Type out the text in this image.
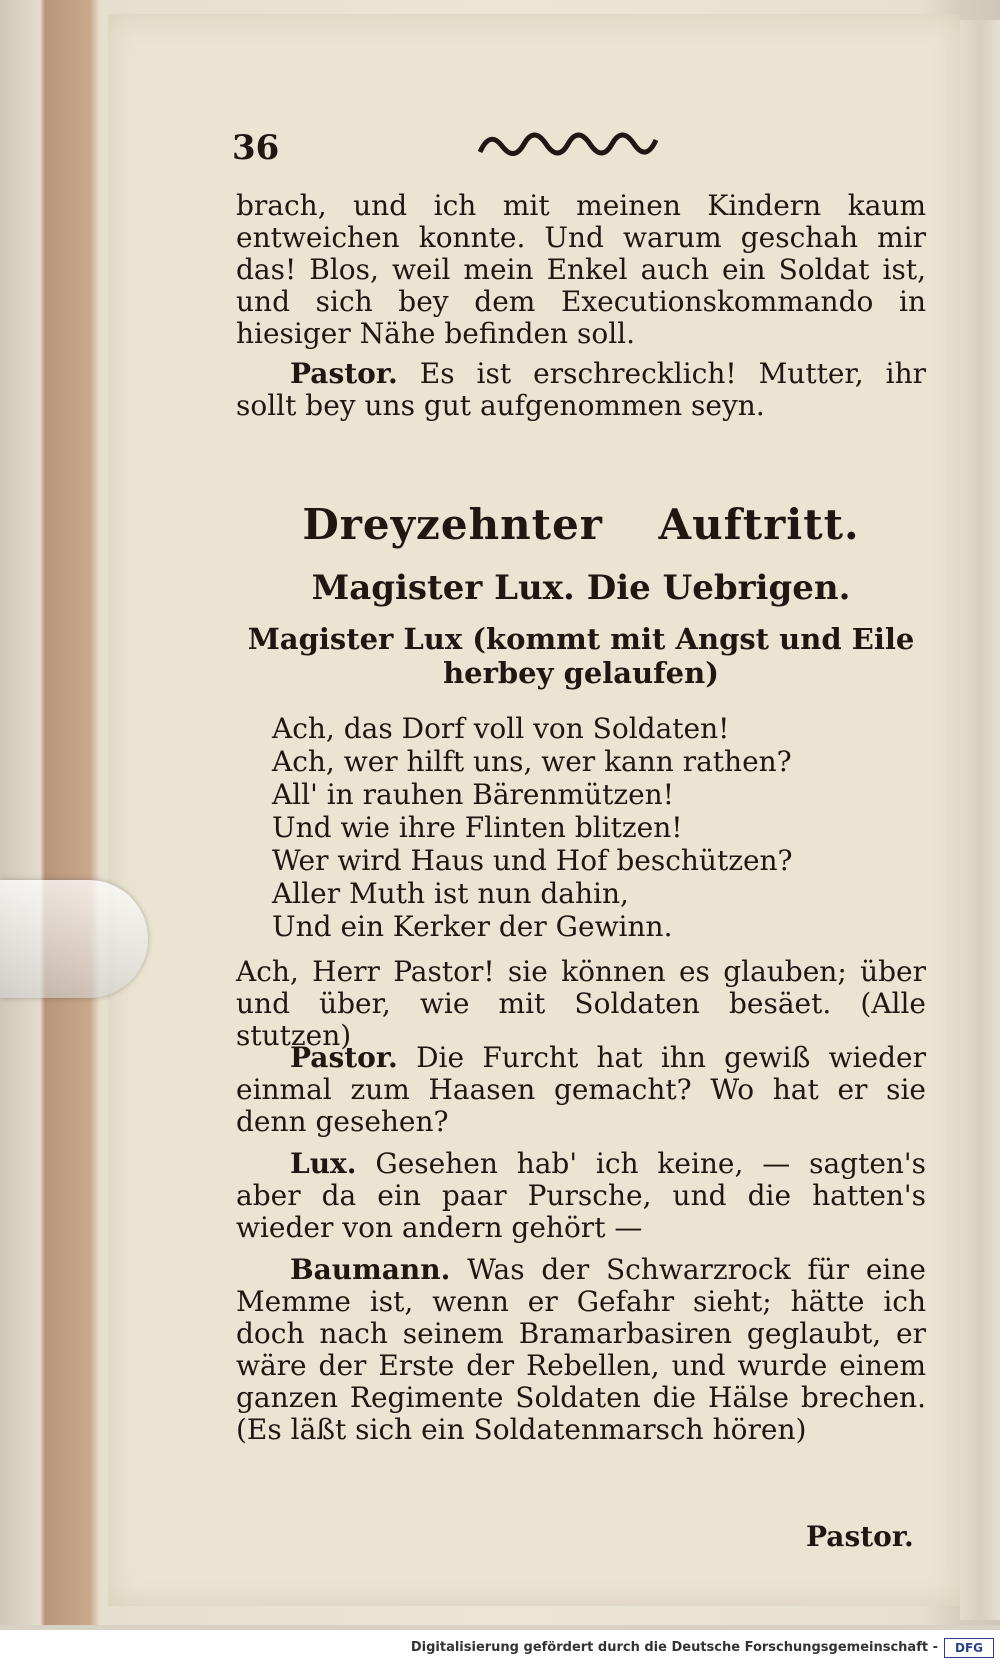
36
brach, und ich mit meinen Kindern kaum entweichen konnte. Und warum geschah mir das! Blos, weil mein Enkel auch ein Soldat ist, und sich bey dem Executionskommando in hiesiger Nähe befinden soll.
Pastor. Es ist erschrecklich! Mutter, ihr sollt bey uns gut aufgenommen seyn.
Dreyzehnter Auftritt.
Magister Lux. Die Uebrigen.
Magister Lux (kommt mit Angst und Eile herbey gelaufen)
Ach, das Dorf voll von Soldaten!
Ach, wer hilft uns, wer kann rathen?
All' in rauhen Bärenmützen!
Und wie ihre Flinten blitzen!
Wer wird Haus und Hof beschützen?
Aller Muth ist nun dahin,
Und ein Kerker der Gewinn.
Ach, Herr Pastor! sie können es glauben; über und über, wie mit Soldaten besäet. (Alle stutzen)
Pastor. Die Furcht hat ihn gewiß wieder einmal zum Haasen gemacht? Wo hat er sie denn gesehen?
Lux. Gesehen hab' ich keine, — sagten's aber da ein paar Pursche, und die hatten's wieder von andern gehört —
Baumann. Was der Schwarzrock für eine Memme ist, wenn er Gefahr sieht; hätte ich doch nach seinem Bramarbasiren geglaubt, er wäre der Erste der Rebellen, und wurde einem ganzen Regimente Soldaten die Hälse brechen. (Es läßt sich ein Soldatenmarsch hören)
Pastor.
Digitalisierung gefördert durch die Deutsche Forschungsgemeinschaft -	DFG
